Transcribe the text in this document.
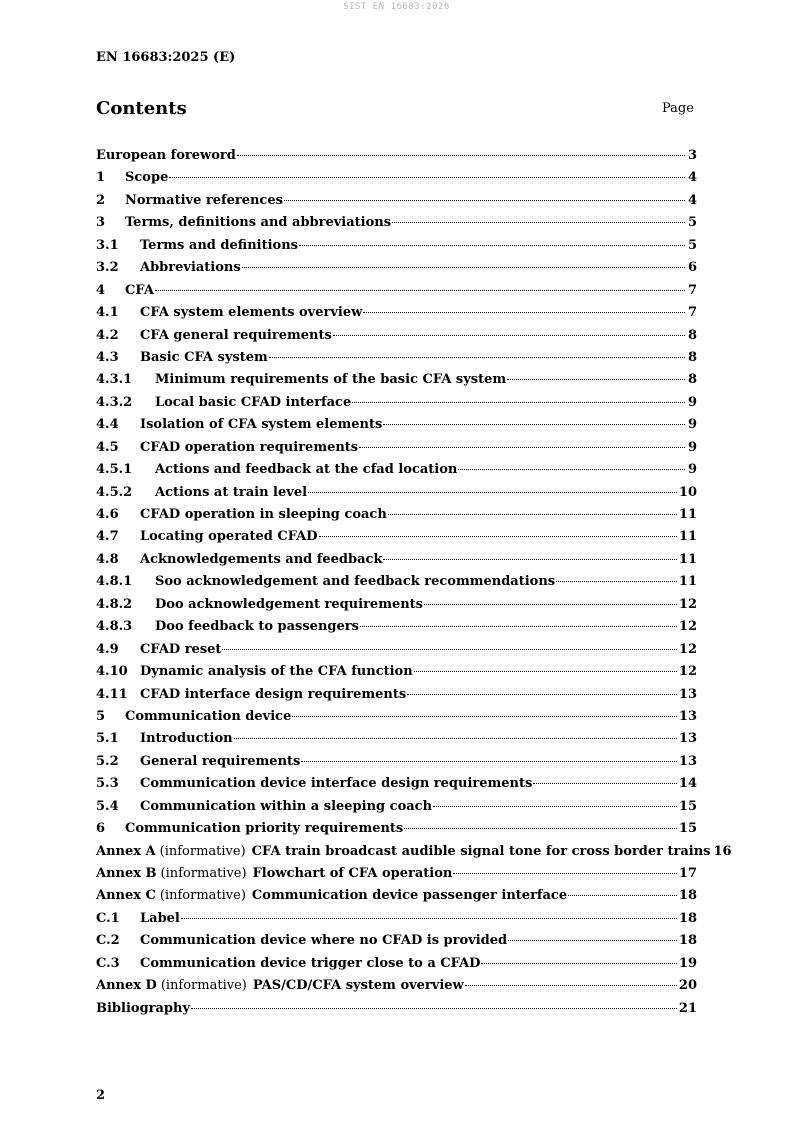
SIST EN 16683:2026
EN 16683:2025 (E)
Contents	Page
European foreword	3
1	Scope	4
2	Normative references	4
3	Terms, definitions and abbreviations	5
3.1	Terms and definitions	5
3.2	Abbreviations	6
4	CFA	7
4.1	CFA system elements overview	7
4.2	CFA general requirements	8
4.3	Basic CFA system	8
4.3.1	Minimum requirements of the basic CFA system	8
4.3.2	Local basic CFAD interface	9
4.4	Isolation of CFA system elements	9
4.5	CFAD operation requirements	9
4.5.1	Actions and feedback at the cfad location	9
4.5.2	Actions at train level	10
4.6	CFAD operation in sleeping coach	11
4.7	Locating operated CFAD	11
4.8	Acknowledgements and feedback	11
4.8.1	Soo acknowledgement and feedback recommendations	11
4.8.2	Doo acknowledgement requirements	12
4.8.3	Doo feedback to passengers	12
4.9	CFAD reset	12
4.10 Dynamic analysis of the CFA function	12
4.11 CFAD interface design requirements	13
5	Communication device	13
5.1	Introduction	13
5.2	General requirements	13
5.3	Communication device interface design requirements	14
5.4	Communication within a sleeping coach	15
6	Communication priority requirements	15
Annex A (informative) CFA train broadcast audible signal tone for cross border trains 16
Annex B (informative) Flowchart of CFA operation	17
Annex C (informative) Communication device passenger interface	18
C.1	Label	18
C.2	Communication device where no CFAD is provided	18
C.3	Communication device trigger close to a CFAD	19
Annex D (informative) PAS/CD/CFA system overview	20
Bibliography	21
2
